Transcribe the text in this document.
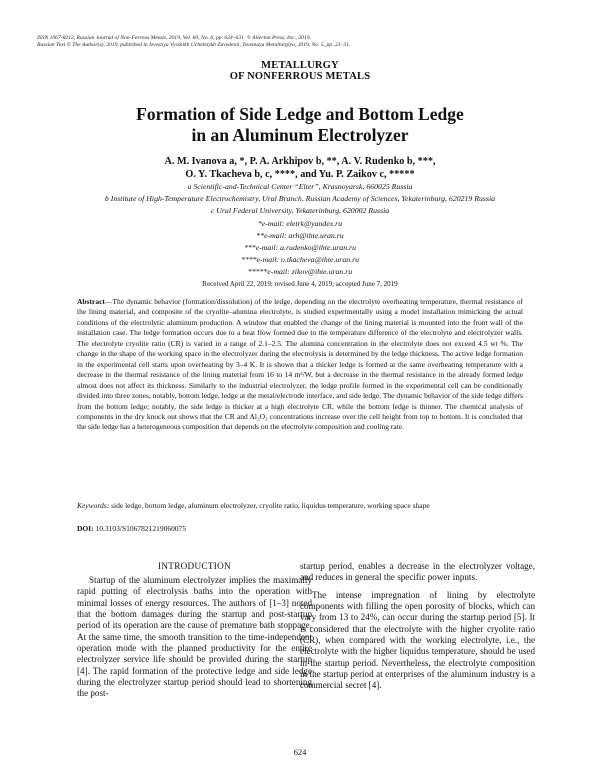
ISSN 1067-8212, Russian Journal of Non-Ferrous Metals, 2019, Vol. 60, No. 6, pp. 624–631. © Allerton Press, Inc., 2019.
Russian Text © The Author(s), 2019, published in Izvestiya Vysshikh Uchebnykh Zavedenii, Tsvetnaya Metallurgiya, 2019, No. 5, pp. 23–31.
METALLURGY
OF NONFERROUS METALS
Formation of Side Ledge and Bottom Ledge
in an Aluminum Electrolyzer
A. M. Ivanova a, *, P. A. Arkhipov b, **, A. V. Rudenko b, ***,
O. Y. Tkacheva b, c, ****, and Yu. P. Zaikov c, *****
a Scientific-and-Technical Center “Elter”, Krasnoyarsk, 660025 Russia
b Institute of High-Temperature Electrochemistry, Ural Branch, Russian Academy of Sciences, Yekaterinburg, 620219 Russia
c Ural Federal University, Yekaterinburg, 620002 Russia
*e-mail: eletrk@yandex.ru
**e-mail: arh@ihte.uran.ru
***e-mail: a.rudenko@ihte.uran.ru
****e-mail: o.tkacheva@ihte.uran.ru
*****e-mail: zikov@ihte.uran.ru
Received April 22, 2019; revised June 4, 2019; accepted June 7, 2019
Abstract—The dynamic behavior (formation/dissolution) of the ledge, depending on the electrolyte overheating temperature, thermal resistance of the lining material, and composite of the cryolite–alumina electrolyte, is studied experimentally using a model installation mimicking the actual conditions of the electrolytic aluminum production. A window that enabled the change of the lining material is mounted into the front wall of the installation case. The ledge formation occurs due to a heat flow formed due to the temperature difference of the electrolyte and electrolyzer walls. The electrolyte cryolite ratio (CR) is varied in a range of 2.1–2.5. The alumina concentration in the electrolyte does not exceed 4.5 wt %. The change in the shape of the working space in the electrolyzer during the electrolysis is determined by the ledge thickness. The active ledge formation in the experimental cell starts upon overheating by 3–4 K. It is shown that a thicker ledge is formed at the same overheating temperature with a decrease in the thermal resistance of the lining material from 16 to 14 m²/W, but a decrease in the thermal resistance in the already formed ledge almost does not affect its thickness. Similarly to the industrial electrolyzer, the ledge profile formed in the experimental cell can be conditionally divided into three zones, notably, bottom ledge, ledge at the metal/electrode interface, and side ledge. The dynamic behavior of the side ledge differs from the bottom ledge; notably, the side ledge is thicker at a high electrolyte CR, while the bottom ledge is thinner. The chemical analysis of components in the dry knock out shows that the CR and Al₂O₃ concentrations increase over the cell height from top to bottom. It is concluded that the side ledge has a heterogeneous composition that depends on the electrolyte composition and cooling rate.
Keywords: side ledge, bottom ledge, aluminum electrolyzer, cryolite ratio, liquidus temperature, working space shape
DOI: 10.3103/S1067821219060075
INTRODUCTION

Startup of the aluminum electrolyzer implies the maximally rapid putting of electrolysis baths into the operation with minimal losses of energy resources. The authors of [1–3] noted that the bottom damages during the startup and post-startup period of its operation are the cause of premature bath stoppage. At the same time, the smooth transition to the time-independent operation mode with the planned productivity for the entire electrolyzer service life should be provided during the startup [4]. The rapid formation of the protective ledge and side ledge during the electrolyzer startup period should lead to shortening the post-

startup period, enables a decrease in the electrolyzer voltage, and reduces in general the specific power inputs.

The intense impregnation of lining by electrolyte components with filling the open porosity of blocks, which can vary from 13 to 24%, can occur during the startup period [5]. It is considered that the electrolyte with the higher cryolite ratio (CR), when compared with the working electrolyte, i.e., the electrolyte with the higher liquidus temperature, should be used in the startup period. Nevertheless, the electrolyte composition in the startup period at enterprises of the aluminum industry is a commercial secret [4].

624
